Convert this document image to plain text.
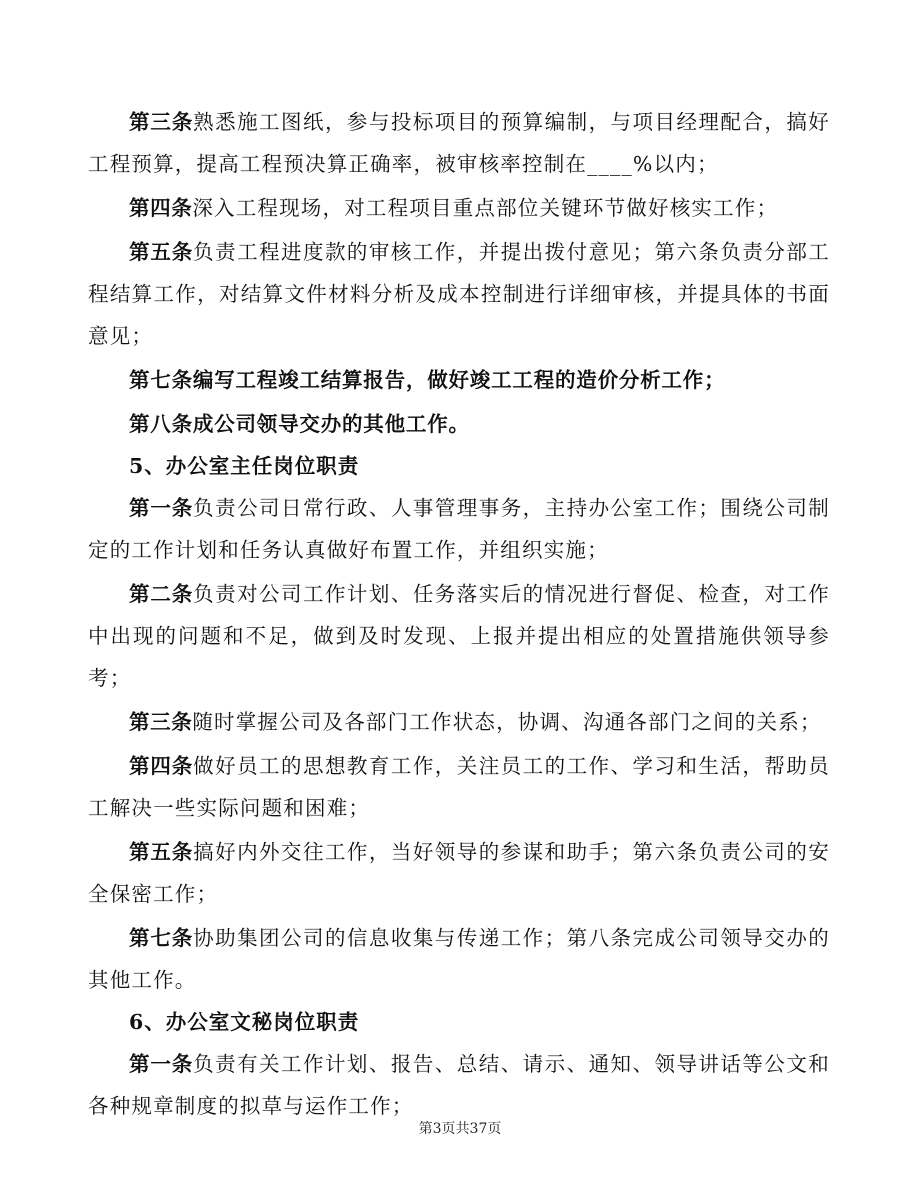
第三条熟悉施工图纸，参与投标项目的预算编制，与项目经理配合，搞好工程预算，提高工程预决算正确率，被审核率控制在____%以内；

第四条深入工程现场，对工程项目重点部位关键环节做好核实工作；

第五条负责工程进度款的审核工作，并提出拨付意见；第六条负责分部工程结算工作，对结算文件材料分析及成本控制进行详细审核，并提具体的书面意见；

第七条编写工程竣工结算报告，做好竣工工程的造价分析工作；

第八条成公司领导交办的其他工作。

5、办公室主任岗位职责

第一条负责公司日常行政、人事管理事务，主持办公室工作；围绕公司制定的工作计划和任务认真做好布置工作，并组织实施；

第二条负责对公司工作计划、任务落实后的情况进行督促、检查，对工作中出现的问题和不足，做到及时发现、上报并提出相应的处置措施供领导参考；

第三条随时掌握公司及各部门工作状态，协调、沟通各部门之间的关系；

第四条做好员工的思想教育工作，关注员工的工作、学习和生活，帮助员工解决一些实际问题和困难；

第五条搞好内外交往工作，当好领导的参谋和助手；第六条负责公司的安全保密工作；

第七条协助集团公司的信息收集与传递工作；第八条完成公司领导交办的其他工作。

6、办公室文秘岗位职责

第一条负责有关工作计划、报告、总结、请示、通知、领导讲话等公文和各种规章制度的拟草与运作工作；

第3页共37页
